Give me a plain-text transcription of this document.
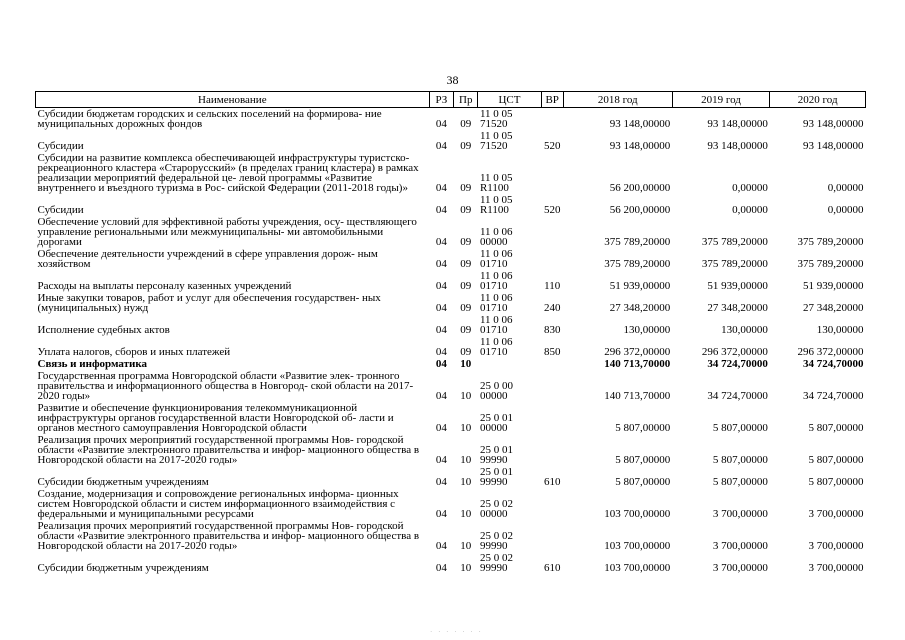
38
Наименование	РЗ	Пр	ЦСТ	ВР	2018 год	2019 год	2020 год
Субсидии бюджетам городских и сельских поселений на формирова- ние муниципальных дорожных фондов	04	09	11 0 05 71520		93 148,00000	93 148,00000	93 148,00000
Субсидии	04	09	11 0 05 71520	520	93 148,00000	93 148,00000	93 148,00000
Субсидии на развитие комплекса обеспечивающей инфраструктуры туристско-рекреационного кластера «Старорусский» (в пределах границ кластера) в рамках реализации мероприятий федеральной це- левой программы «Развитие внутреннего и въездного туризма в Рос- сийской Федерации (2011-2018 годы)»	04	09	11 0 05 R1100		56 200,00000	0,00000	0,00000
Субсидии	04	09	11 0 05 R1100	520	56 200,00000	0,00000	0,00000
Обеспечение условий для эффективной работы учреждения, осу- ществляющего управление региональными или межмуниципальны- ми автомобильными дорогами	04	09	11 0 06 00000		375 789,20000	375 789,20000	375 789,20000
Обеспечение деятельности учреждений в сфере управления дорож- ным хозяйством	04	09	11 0 06 01710		375 789,20000	375 789,20000	375 789,20000
Расходы на выплаты персоналу казенных учреждений	04	09	11 0 06 01710	110	51 939,00000	51 939,00000	51 939,00000
Иные закупки товаров, работ и услуг для обеспечения государствен- ных (муниципальных) нужд	04	09	11 0 06 01710	240	27 348,20000	27 348,20000	27 348,20000
Исполнение судебных актов	04	09	11 0 06 01710	830	130,00000	130,00000	130,00000
Уплата налогов, сборов и иных платежей	04	09	11 0 06 01710	850	296 372,00000	296 372,00000	296 372,00000
Связь и информатика	04	10			140 713,70000	34 724,70000	34 724,70000
Государственная программа Новгородской области «Развитие элек- тронного правительства и информационного общества в Новгород- ской области на 2017-2020 годы»	04	10	25 0 00 00000		140 713,70000	34 724,70000	34 724,70000
Развитие и обеспечение функционирования телекоммуникационной инфраструктуры органов государственной власти Новгородской об- ласти и органов местного самоуправления Новгородской области	04	10	25 0 01 00000		5 807,00000	5 807,00000	5 807,00000
Реализация прочих мероприятий государственной программы Нов- городской области «Развитие электронного правительства и инфор- мационного общества в Новгородской области на 2017-2020 годы»	04	10	25 0 01 99990		5 807,00000	5 807,00000	5 807,00000
Субсидии бюджетным учреждениям	04	10	25 0 01 99990	610	5 807,00000	5 807,00000	5 807,00000
Создание, модернизация и сопровождение региональных информа- ционных систем Новгородской области и систем информационного взаимодействия с федеральными и муниципальными ресурсами	04	10	25 0 02 00000		103 700,00000	3 700,00000	3 700,00000
Реализация прочих мероприятий государственной программы Нов- городской области «Развитие электронного правительства и инфор- мационного общества в Новгородской области на 2017-2020 годы»	04	10	25 0 02 99990		103 700,00000	3 700,00000	3 700,00000
Субсидии бюджетным учреждениям	04	10	25 0 02 99990	610	103 700,00000	3 700,00000	3 700,00000
· · · · · · ·
